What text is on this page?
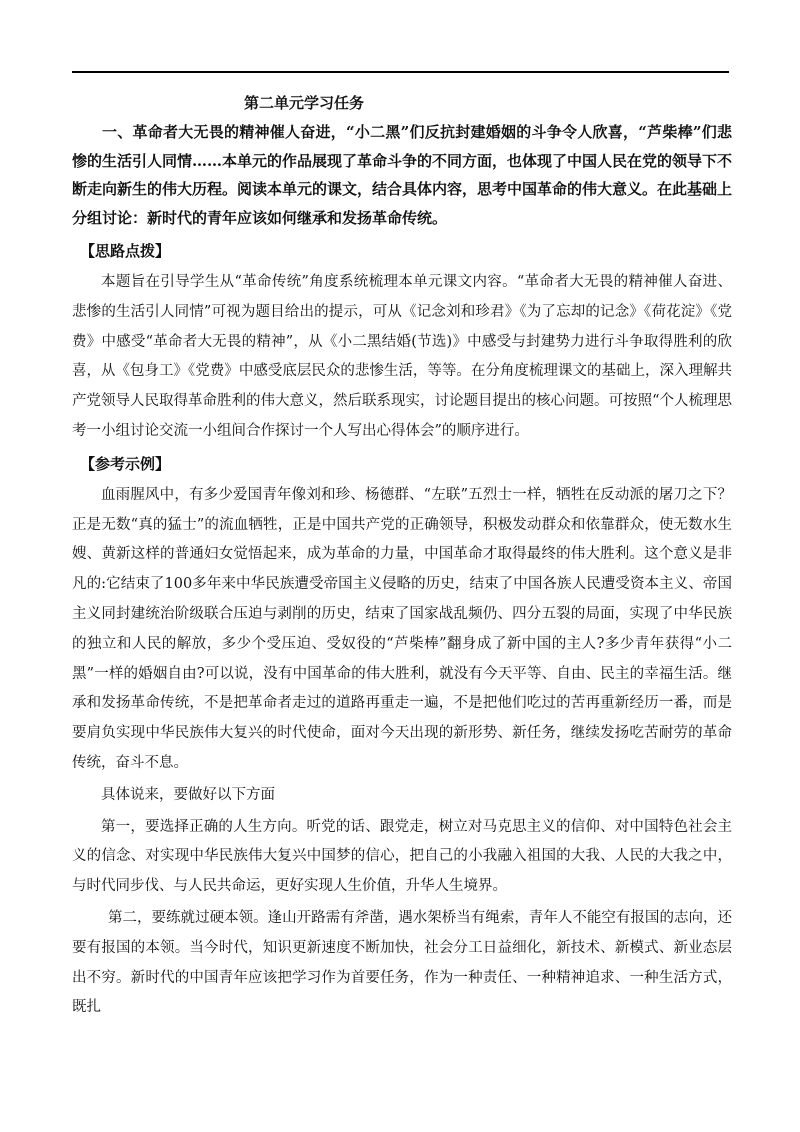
第二单元学习任务

一、革命者大无畏的精神催人奋进，“小二黑”们反抗封建婚姻的斗争令人欣喜，“芦柴棒”们悲惨的生活引人同情……本单元的作品展现了革命斗争的不同方面，也体现了中国人民在党的领导下不断走向新生的伟大历程。阅读本单元的课文，结合具体内容，思考中国革命的伟大意义。在此基础上分组讨论：新时代的青年应该如何继承和发扬革命传统。

【思路点拨】

本题旨在引导学生从“革命传统”角度系统梳理本单元课文内容。“革命者大无畏的精神催人奋进、悲惨的生活引人同情”可视为题目给出的提示，可从《记念刘和珍君》《为了忘却的记念》《荷花淀》《党费》中感受“革命者大无畏的精神”，从《小二黑结婚(节选)》中感受与封建势力进行斗争取得胜利的欣喜，从《包身工》《党费》中感受底层民众的悲惨生活，等等。在分角度梳理课文的基础上，深入理解共产党领导人民取得革命胜利的伟大意义，然后联系现实，讨论题目提出的核心问题。可按照“个人梳理思考一小组讨论交流一小组间合作探讨一个人写出心得体会”的顺序进行。

【参考示例】

血雨腥风中，有多少爱国青年像刘和珍、杨德群、“左联”五烈士一样，牺牲在反动派的屠刀之下？正是无数“真的猛士”的流血牺牲，正是中国共产党的正确领导，积极发动群众和依靠群众，使无数水生嫂、黄新这样的普通妇女觉悟起来，成为革命的力量，中国革命才取得最终的伟大胜利。这个意义是非凡的:它结束了100多年来中华民族遭受帝国主义侵略的历史，结束了中国各族人民遭受资本主义、帝国主义同封建统治阶级联合压迫与剥削的历史，结束了国家战乱频仍、四分五裂的局面，实现了中华民族的独立和人民的解放，多少个受压迫、受奴役的“芦柴棒”翻身成了新中国的主人?多少青年获得“小二黑”一样的婚姻自由?可以说，没有中国革命的伟大胜利，就没有今天平等、自由、民主的幸福生活。继承和发扬革命传统，不是把革命者走过的道路再重走一遍，不是把他们吃过的苦再重新经历一番，而是要肩负实现中华民族伟大复兴的时代使命，面对今天出现的新形势、新任务，继续发扬吃苦耐劳的革命传统，奋斗不息。

具体说来，要做好以下方面

第一，要选择正确的人生方向。听党的话、跟党走，树立对马克思主义的信仰、对中国特色社会主义的信念、对实现中华民族伟大复兴中国梦的信心，把自己的小我融入祖国的大我、人民的大我之中，与时代同步伐、与人民共命运，更好实现人生价值，升华人生境界。

第二，要练就过硬本领。逢山开路需有斧凿，遇水架桥当有绳索，青年人不能空有报国的志向，还要有报国的本领。当今时代，知识更新速度不断加快，社会分工日益细化，新技术、新模式、新业态层出不穷。新时代的中国青年应该把学习作为首要任务，作为一种责任、一种精神追求、一种生活方式，既扎
